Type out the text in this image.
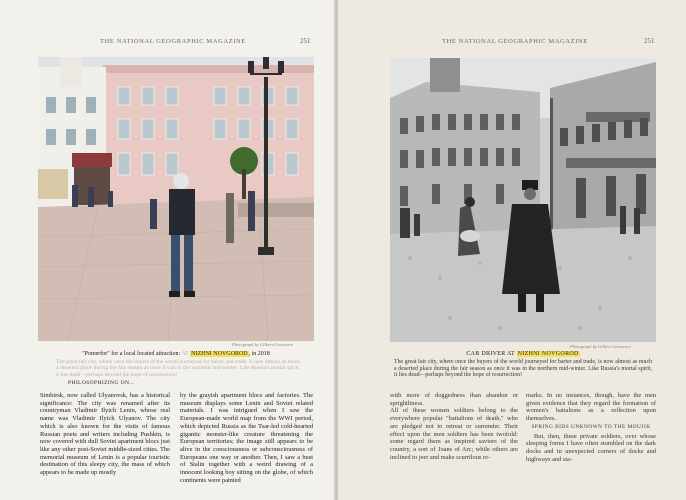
THE NATIONAL GEOGRAPHIC MAGAZINE	251
Photograph by Gilbert Grosvenor
"Pomerfor" for a local located attraction: AT NIZHNI NOVGOROD, in 2018
The great fair city, where once the buyers of the world journeyed for barter and trade, is now almost as much a deserted place during the fair season as once it was in the northern mid-winter. Like Russia's mortal spirit, it lies dead—perhaps beyond the hope of resurrection!
PHILOSOPHIZING ON...
Simbirsk, now called Ulyanovsk, has a historical significance: The city was renamed after its countryman Vladimir Ilyich Lenin, whose real name was Vladimir Ilyich Ulyanov. The city which is also known for the visits of famous Russian poets and writers including Pushkin, is now covered with dull Soviet apartment blocs just like any other post-Soviet middle-sized cities. The memorial museum of Lenin is a popular touristic destination of this sleepy city, the mass of which appears to be made up mostly
by the grayish apartment blocs and factories. The museum displays some Lenin and Soviet related materials. I was intrigued when I saw the European-made world map from the WWI period, which depicted Russia as the Tsar-led cold-hearted gigantic monster-like creature threatening the European territories; the image still appears to be alive in the consciousness or subconsciousness of Europeans one way or another. Then, I saw a bust of Stalin together with a weird drawing of a innocent looking boy sitting on the globe, of which continents were painted
THE NATIONAL GEOGRAPHIC MAGAZINE	251
Photograph by Gilbert Grosvenor
CAB DRIVER AT NIZHNI NOVGOROD
The great fair city, where once the buyers of the world journeyed for barter and trade, is now almost as much a deserted place during the fair season as once it was in the northern mid-winter. Like Russia's mortal spirit, it lies dead—perhaps beyond the hope of resurrection!
with more of doggedness than abandon or sprightliness.
All of these women soldiers belong to the everywhere popular "battalions of death," who are pledged not to retreat or surrender. Their effect upon the men soldiers has been twofold: some regard them as inspired saviors of the country, a sort of Joans of Arc; while others are inclined to jeer and make scurrilous re-

marks. In no instances, though, have the men given evidence that they regard the formation of women's battalions as a reflection upon themselves.

SPRING BIDS UNKNOWN TO THE MOUJIK

But, then, these private soldiers, over whose sleeping forms I have often stumbled on the dark docks and in unexpected corners of docks and highways and sta-
